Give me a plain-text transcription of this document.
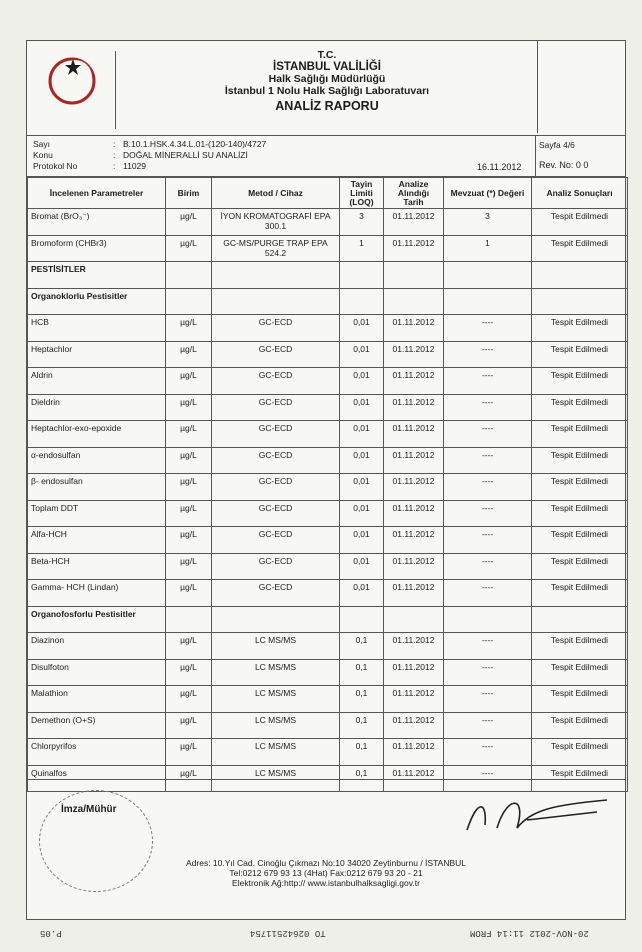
T.C.
İSTANBUL VALİLİĞİ
Halk Sağlığı Müdürlüğü
İstanbul 1 Nolu Halk Sağlığı Laboratuvarı
ANALİZ RAPORU
Sayı	: B.10.1.HSK.4.34.L.01-(120-140)/4727
Konu	: DOĞAL MİNERALLİ SU ANALİZİ
Protokol No	: 11029	16.11.2012
Sayfa 4/6
Rev. No: 0 0
İncelenen Parametreler	Birim	Metod / Cihaz	Tayin Limiti (LOQ)	Analize Alındığı Tarih	Mevzuat (*) Değeri	Analiz Sonuçları
Bromat (BrO₃⁻)	µg/L	İYON KROMATOGRAFİ EPA 300.1	3	01.11.2012	3	Tespit Edilmedi
Bromoform (CHBr3)	µg/L	GC-MS/PURGE TRAP EPA 524.2	1	01.11.2012	1	Tespit Edilmedi
PESTİSİTLER						
Organoklorlu Pestisitler						
HCB	µg/L	GC-ECD	0,01	01.11.2012	----	Tespit Edilmedi
Heptachlor	µg/L	GC-ECD	0,01	01.11.2012	----	Tespit Edilmedi
Aldrin	µg/L	GC-ECD	0,01	01.11.2012	----	Tespit Edilmedi
Dieldrin	µg/L	GC-ECD	0,01	01.11.2012	----	Tespit Edilmedi
Heptachlor-exo-epoxide	µg/L	GC-ECD	0,01	01.11.2012	----	Tespit Edilmedi
α-endosulfan	µg/L	GC-ECD	0,01	01.11.2012	----	Tespit Edilmedi
β- endosulfan	µg/L	GC-ECD	0,01	01.11.2012	----	Tespit Edilmedi
Toplam DDT	µg/L	GC-ECD	0,01	01.11.2012	----	Tespit Edilmedi
Alfa-HCH	µg/L	GC-ECD	0,01	01.11.2012	----	Tespit Edilmedi
Beta-HCH	µg/L	GC-ECD	0,01	01.11.2012	----	Tespit Edilmedi
Gamma- HCH (Lindan)	µg/L	GC-ECD	0,01	01.11.2012	----	Tespit Edilmedi
Organofosforlu Pestisitler						
Diazinon	µg/L	LC MS/MS	0,1	01.11.2012	----	Tespit Edilmedi
Disulfoton	µg/L	LC MS/MS	0,1	01.11.2012	----	Tespit Edilmedi
Malathion	µg/L	LC MS/MS	0,1	01.11.2012	----	Tespit Edilmedi
Demethon (O+S)	µg/L	LC MS/MS	0,1	01.11.2012	----	Tespit Edilmedi
Chlorpyrifos	µg/L	LC MS/MS	0,1	01.11.2012	----	Tespit Edilmedi
Quinalfos	µg/L	LC MS/MS	0,1	01.11.2012	----	Tespit Edilmedi
İmza/Mühür
Adres: 10.Yıl Cad. Cinoğlu Çıkmazı No:10 34020 Zeytinburnu / İSTANBUL
Tel:0212 679 93 13 (4Hat) Fax:0212 679 93 20 - 21
Elektronik Ağ:http:// www.istanbulhalksagligi.gov.tr
20-NOV-2012 11:14 FROM
TO 02642511754
P.05
